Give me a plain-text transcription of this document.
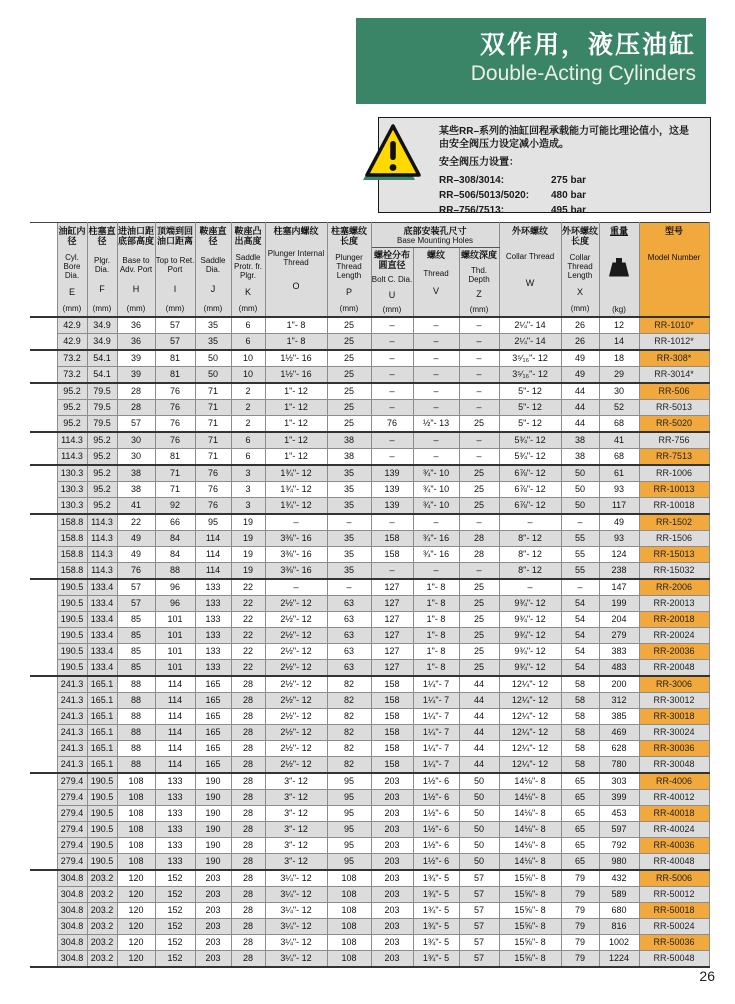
双作用，液压油缸
Double-Acting Cylinders
某些RR–系列的油缸回程承载能力可能比理论值小，这是
由安全阀压力设定减小造成。
安全阀压力设置：
RR–308/3014:	275 bar
RR–506/5013/5020:	480 bar
RR–756/7513:	495 bar

油缸内径
Cyl. Bore Dia.
E
(mm)

柱塞直径
Plgr. Dia.
F
(mm)

进油口距底部高度
Base to Adv. Port
H
(mm)

顶端到回油口距离
Top to Ret. Port
I
(mm)

鞍座直径
Saddle Dia.
J
(mm)

鞍座凸出高度
Saddle Protr. fr. Plgr.
K
(mm)

柱塞内螺纹
Plunger Internal Thread
O

柱塞螺纹长度
Plunger Thread Length
P
(mm)

底部安装孔尺寸
Base Mounting Holes

外环螺纹
Collar Thread
W

外环螺纹长度
Collar Thread Length
X
(mm)

重量
(kg)

型号
Model Number

螺栓分布圆直径
Bolt C. Dia.
U
(mm)

螺纹
Thread
V

螺纹深度
Thd. Depth
Z
(mm)

	42.9	34.9	36	57	35	6	1"- 8	25	–	–	–	2¼"- 14	26	12	RR-1010*
	42.9	34.9	36	57	35	6	1"- 8	25	–	–	–	2¼"- 14	26	14	RR-1012*
	73.2	54.1	39	81	50	10	1½"- 16	25	–	–	–	3⁵⁄₁₆"- 12	49	18	RR-308*
	73.2	54.1	39	81	50	10	1½"- 16	25	–	–	–	3⁵⁄₁₆"- 12	49	29	RR-3014*
	95.2	79.5	28	76	71	2	1"- 12	25	–	–	–	5"- 12	44	30	RR-506
	95.2	79.5	28	76	71	2	1"- 12	25	–	–	–	5"- 12	44	52	RR-5013
	95.2	79.5	57	76	71	2	1"- 12	25	76	½"- 13	25	5"- 12	44	68	RR-5020
	114.3	95.2	30	76	71	6	1"- 12	38	–	–	–	5¾"- 12	38	41	RR-756
	114.3	95.2	30	81	71	6	1"- 12	38	–	–	–	5¾"- 12	38	68	RR-7513
	130.3	95.2	38	71	76	3	1¾"- 12	35	139	¾"- 10	25	6⅞"- 12	50	61	RR-1006
	130.3	95.2	38	71	76	3	1¾"- 12	35	139	¾"- 10	25	6⅞"- 12	50	93	RR-10013
	130.3	95.2	41	92	76	3	1¾"- 12	35	139	¾"- 10	25	6⅞"- 12	50	117	RR-10018
	158.8	114.3	22	66	95	19	–	–	–	–	–	–	–	49	RR-1502
	158.8	114.3	49	84	114	19	3⅜"- 16	35	158	¾"- 16	28	8"- 12	55	93	RR-1506
	158.8	114.3	49	84	114	19	3⅜"- 16	35	158	¾"- 16	28	8"- 12	55	124	RR-15013
	158.8	114.3	76	88	114	19	3⅜"- 16	35	–	–	–	8"- 12	55	238	RR-15032
	190.5	133.4	57	96	133	22	–	–	127	1"- 8	25	–	–	147	RR-2006
	190.5	133.4	57	96	133	22	2½"- 12	63	127	1"- 8	25	9¾"- 12	54	199	RR-20013
	190.5	133.4	85	101	133	22	2½"- 12	63	127	1"- 8	25	9¾"- 12	54	204	RR-20018
	190.5	133.4	85	101	133	22	2½"- 12	63	127	1"- 8	25	9¾"- 12	54	279	RR-20024
	190.5	133.4	85	101	133	22	2½"- 12	63	127	1"- 8	25	9¾"- 12	54	383	RR-20036
	190.5	133.4	85	101	133	22	2½"- 12	63	127	1"- 8	25	9¾"- 12	54	483	RR-20048
	241.3	165.1	88	114	165	28	2½"- 12	82	158	1¼"- 7	44	12¼"- 12	58	200	RR-3006
	241.3	165.1	88	114	165	28	2½"- 12	82	158	1¼"- 7	44	12¼"- 12	58	312	RR-30012
	241.3	165.1	88	114	165	28	2½"- 12	82	158	1¼"- 7	44	12¼"- 12	58	385	RR-30018
	241.3	165.1	88	114	165	28	2½"- 12	82	158	1¼"- 7	44	12¼"- 12	58	469	RR-30024
	241.3	165.1	88	114	165	28	2½"- 12	82	158	1¼"- 7	44	12¼"- 12	58	628	RR-30036
	241.3	165.1	88	114	165	28	2½"- 12	82	158	1¼"- 7	44	12¼"- 12	58	780	RR-30048
	279.4	190.5	108	133	190	28	3"- 12	95	203	1½"- 6	50	14⅛"- 8	65	303	RR-4006
	279.4	190.5	108	133	190	28	3"- 12	95	203	1½"- 6	50	14⅛"- 8	65	399	RR-40012
	279.4	190.5	108	133	190	28	3"- 12	95	203	1½"- 6	50	14⅛"- 8	65	453	RR-40018
	279.4	190.5	108	133	190	28	3"- 12	95	203	1½"- 6	50	14⅛"- 8	65	597	RR-40024
	279.4	190.5	108	133	190	28	3"- 12	95	203	1½"- 6	50	14⅛"- 8	65	792	RR-40036
	279.4	190.5	108	133	190	28	3"- 12	95	203	1½"- 6	50	14⅛"- 8	65	980	RR-40048
	304.8	203.2	120	152	203	28	3¼"- 12	108	203	1¾"- 5	57	15⅝"- 8	79	432	RR-5006
	304.8	203.2	120	152	203	28	3¼"- 12	108	203	1¾"- 5	57	15⅝"- 8	79	589	RR-50012
	304.8	203.2	120	152	203	28	3¼"- 12	108	203	1¾"- 5	57	15⅝"- 8	79	680	RR-50018
	304.8	203.2	120	152	203	28	3¼"- 12	108	203	1¾"- 5	57	15⅝"- 8	79	816	RR-50024
	304.8	203.2	120	152	203	28	3¼"- 12	108	203	1¾"- 5	57	15⅝"- 8	79	1002	RR-50036
	304.8	203.2	120	152	203	28	3¼"- 12	108	203	1¾"- 5	57	15⅝"- 8	79	1224	RR-50048
26
